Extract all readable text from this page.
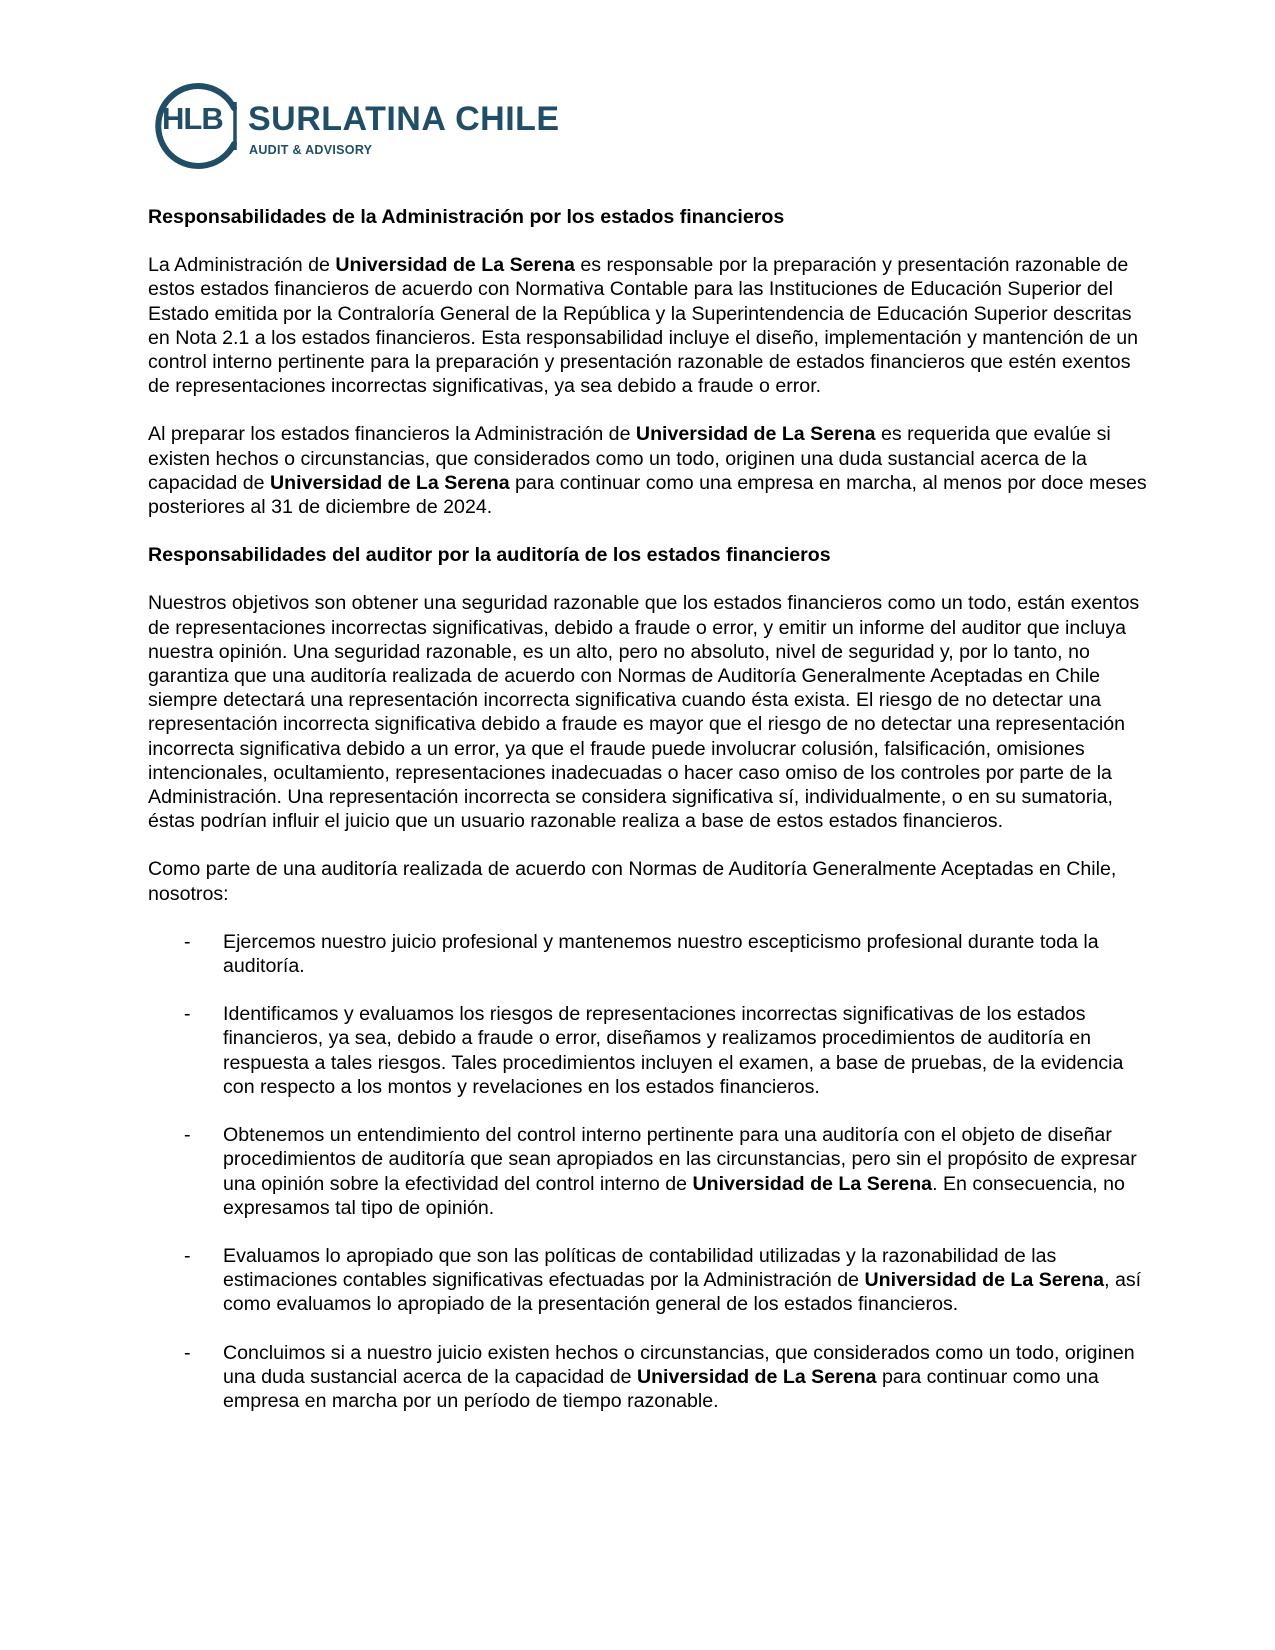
HLB SURLATINA CHILE
AUDIT & ADVISORY

Responsabilidades de la Administración por los estados financieros

La Administración de Universidad de La Serena es responsable por la preparación y presentación razonable de estos estados financieros de acuerdo con Normativa Contable para las Instituciones de Educación Superior del Estado emitida por la Contraloría General de la República y la Superintendencia de Educación Superior descritas en Nota 2.1 a los estados financieros. Esta responsabilidad incluye el diseño, implementación y mantención de un control interno pertinente para la preparación y presentación razonable de estados financieros que estén exentos de representaciones incorrectas significativas, ya sea debido a fraude o error.

Al preparar los estados financieros la Administración de Universidad de La Serena es requerida que evalúe si existen hechos o circunstancias, que considerados como un todo, originen una duda sustancial acerca de la capacidad de Universidad de La Serena para continuar como una empresa en marcha, al menos por doce meses posteriores al 31 de diciembre de 2024.

Responsabilidades del auditor por la auditoría de los estados financieros

Nuestros objetivos son obtener una seguridad razonable que los estados financieros como un todo, están exentos de representaciones incorrectas significativas, debido a fraude o error, y emitir un informe del auditor que incluya nuestra opinión. Una seguridad razonable, es un alto, pero no absoluto, nivel de seguridad y, por lo tanto, no garantiza que una auditoría realizada de acuerdo con Normas de Auditoría Generalmente Aceptadas en Chile siempre detectará una representación incorrecta significativa cuando ésta exista. El riesgo de no detectar una representación incorrecta significativa debido a fraude es mayor que el riesgo de no detectar una representación incorrecta significativa debido a un error, ya que el fraude puede involucrar colusión, falsificación, omisiones intencionales, ocultamiento, representaciones inadecuadas o hacer caso omiso de los controles por parte de la Administración. Una representación incorrecta se considera significativa sí, individualmente, o en su sumatoria, éstas podrían influir el juicio que un usuario razonable realiza a base de estos estados financieros.

Como parte de una auditoría realizada de acuerdo con Normas de Auditoría Generalmente Aceptadas en Chile, nosotros:

- Ejercemos nuestro juicio profesional y mantenemos nuestro escepticismo profesional durante toda la auditoría.
- Identificamos y evaluamos los riesgos de representaciones incorrectas significativas de los estados financieros, ya sea, debido a fraude o error, diseñamos y realizamos procedimientos de auditoría en respuesta a tales riesgos. Tales procedimientos incluyen el examen, a base de pruebas, de la evidencia con respecto a los montos y revelaciones en los estados financieros.
- Obtenemos un entendimiento del control interno pertinente para una auditoría con el objeto de diseñar procedimientos de auditoría que sean apropiados en las circunstancias, pero sin el propósito de expresar una opinión sobre la efectividad del control interno de Universidad de La Serena. En consecuencia, no expresamos tal tipo de opinión.
- Evaluamos lo apropiado que son las políticas de contabilidad utilizadas y la razonabilidad de las estimaciones contables significativas efectuadas por la Administración de Universidad de La Serena, así como evaluamos lo apropiado de la presentación general de los estados financieros.
- Concluimos si a nuestro juicio existen hechos o circunstancias, que considerados como un todo, originen una duda sustancial acerca de la capacidad de Universidad de La Serena para continuar como una empresa en marcha por un período de tiempo razonable.
